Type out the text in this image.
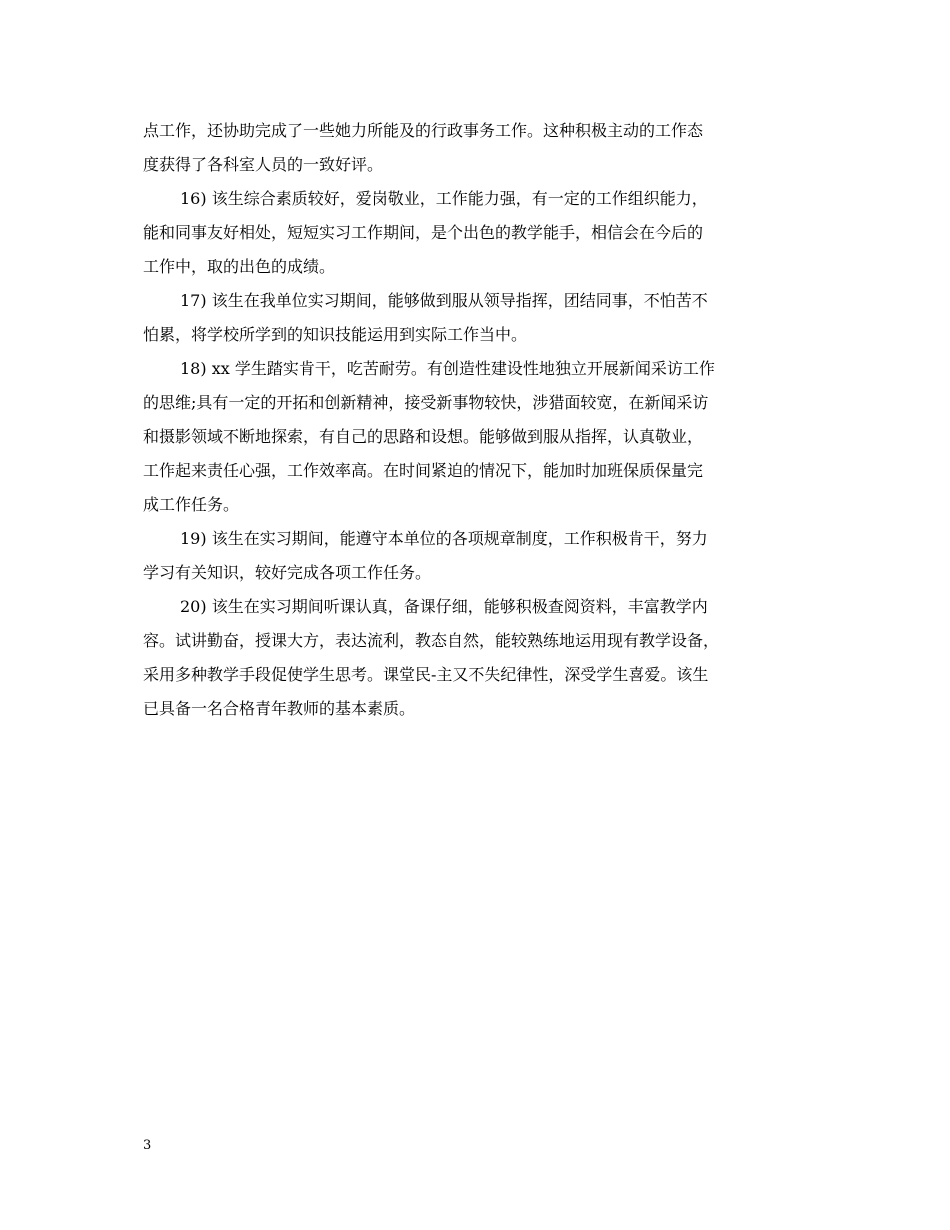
点工作，还协助完成了一些她力所能及的行政事务工作。这种积极主动的工作态
度获得了各科室人员的一致好评。
16) 该生综合素质较好，爱岗敬业，工作能力强，有一定的工作组织能力，
能和同事友好相处，短短实习工作期间，是个出色的教学能手，相信会在今后的
工作中，取的出色的成绩。
17) 该生在我单位实习期间，能够做到服从领导指挥，团结同事，不怕苦不
怕累，将学校所学到的知识技能运用到实际工作当中。
18) xx 学生踏实肯干，吃苦耐劳。有创造性建设性地独立开展新闻采访工作
的思维;具有一定的开拓和创新精神，接受新事物较快，涉猎面较宽，在新闻采访
和摄影领域不断地探索，有自己的思路和设想。能够做到服从指挥，认真敬业，
工作起来责任心强，工作效率高。在时间紧迫的情况下，能加时加班保质保量完
成工作任务。
19) 该生在实习期间，能遵守本单位的各项规章制度，工作积极肯干，努力
学习有关知识，较好完成各项工作任务。
20) 该生在实习期间听课认真，备课仔细，能够积极查阅资料，丰富教学内
容。试讲勤奋，授课大方，表达流利，教态自然，能较熟练地运用现有教学设备，
采用多种教学手段促使学生思考。课堂民-主又不失纪律性，深受学生喜爱。该生
已具备一名合格青年教师的基本素质。
3
